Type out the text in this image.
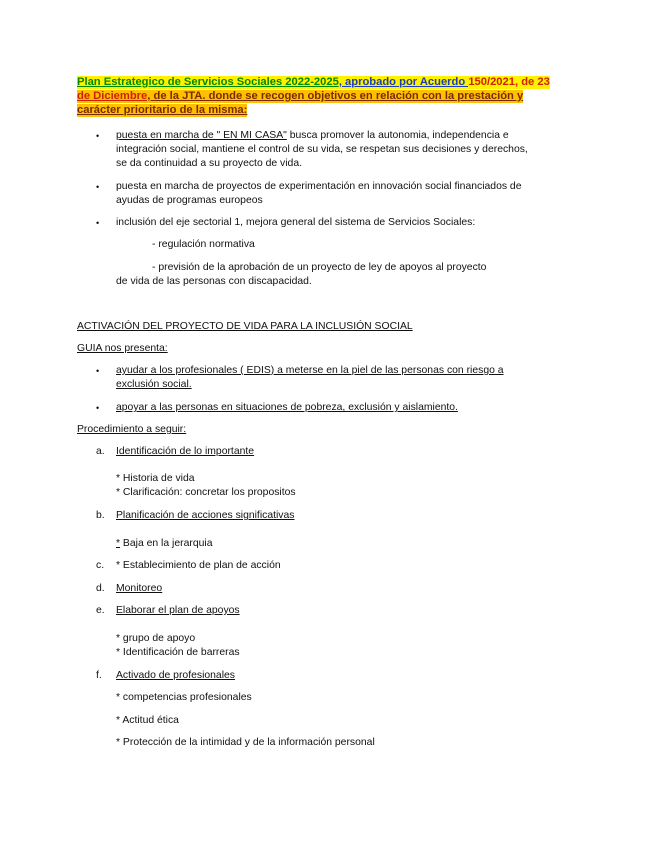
Plan Estrategico de Servicios Sociales 2022-2025, aprobado por Acuerdo 150/2021, de 23
de Diciembre, de la JTA. donde se recogen objetivos en relación con la prestación y
carácter prioritario de la misma:
• puesta en marcha de " EN MI CASA" busca promover la autonomia, independencia e
integración social, mantiene el control de su vida, se respetan sus decisiones y derechos,
se da continuidad a su proyecto de vida.
• puesta en marcha de proyectos de experimentación en innovación social financiados de
ayudas de programas europeos
• inclusión del eje sectorial 1, mejora general del sistema de Servicios Sociales:
- regulación normativa
- previsión de la aprobación de un proyecto de ley de apoyos al proyecto
de vida de las personas con discapacidad.
ACTIVACIÓN DEL PROYECTO DE VIDA PARA LA INCLUSIÓN SOCIAL
GUIA nos presenta:
• ayudar a los profesionales ( EDIS) a meterse en la piel de las personas con riesgo a
exclusión social.
• apoyar a las personas en situaciones de pobreza, exclusión y aislamiento.
Procedimiento a seguir:
a. Identificación de lo importante
* Historia de vida
* Clarificación: concretar los propositos
b. Planificación de acciones significativas
* Baja en la jerarquia
c. * Establecimiento de plan de acción
d. Monitoreo
e. Elaborar el plan de apoyos
* grupo de apoyo
* Identificación de barreras
f. Activado de profesionales
* competencias profesionales
* Actitud ética
* Protección de la intimidad y de la información personal
